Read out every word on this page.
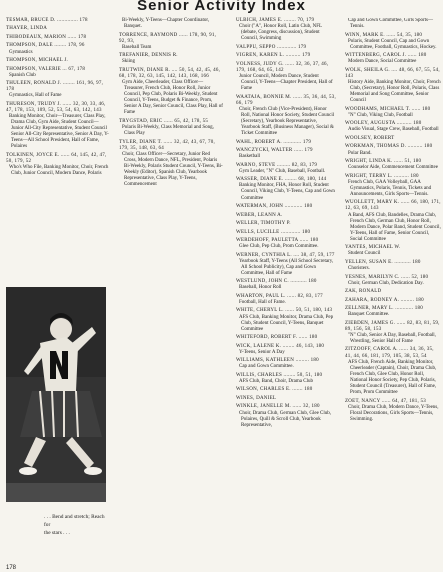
Senior Activity Index
TESMAR, BRUCE D. .............. 178
THAYER, LINDA
THIBODEAUX, MARION ...... 178
THOMPSON, DALE ........ 178, 96
Gymnastics
THOMPSON, MICHAEL J.
THOMPSON, VALERIE ... 67, 178
Spanish Club
THULEEN, RONALD J. ........ 161, 96, 97, 178
Gymnastics, Hall of Fame
THURESON, TRUDY J. ...... 32, 30, 33, 46, 47, 178, 153, 109, 52, 53, 54, 63, 142, 143
Banking Monitor, Choir—Treasurer, Class Play, Drama Club, Gym Aide, Student Council—Junior All-City Representative, Student Council Senior All-City Representative, Senior A Day, Y-Teens—All School President, Hall of Fame, Polaires
TOLKINEN, JOYCE E. ...... 64, 145, 42, 47, 50, 179, 52
Who's Who File, Banking Monitor, Choir, French Club, Junior Council, Modern Dance, Polaris
Bi-Weekly, Y-Teens—Chapter Coordinator, Banquet.
TORRENCE, RAYMOND ...... 178, 90, 91, 92, 93,
Baseball Team
TREFANIER, DENNIS R.
Skiing
TRUTWIN, DIANE R. .... 50, 54, 42, 45, 46, 68, 178, 32, 63, 145, 142, 143, 168, 166
Gym Aide, Cheerleader, Class Officer—Treasurer, French Club, Honor Roll, Junior Council, Pep Club, Polaris Bi-Weekly, Student Council, Y-Teens, Budget & Finance, Prom, Senior A Day, Senior Council, Class Play, Hall of Fame
TRYGSTAD, ERIC ...... 65, 42, 178, 55
Polaris Bi-Weekly, Class Memorial and Song, Class Play
TYLER, DIANE T. ...... 32, 42, 43, 67, 70, 179, 35, 148, 63, 64
Choir, Class Officer—Secretary, Junior Red Cross, Modern Dance, NFL, President, Polaris Bi-Weekly, Polaris Student Council, Y-Teens, Bi-Weekly (Editor), Spanish Club, Yearbook Representative, Class Play, Y-Teens, Commencement
ULBICH, JAMES E. ........ 70, 179
Choir ("A", Honor Roll, Latin Club, NFL (debate, Congress, discussion), Student Council, Swimming
VALPPU, SEPPO ............. 179
VIGREN, KAREN L. .......... 179
VOLNESS, JUDY G. ...... 32, 36, 37, 46, 179, 168, 64, 65, 142
Junior Council, Modern Dance, Student Council, Y-Teens—Chapter President, Hall of Fame
WAATAJA, BONNIE M. ...... 35, 36, 44, 53, 66, 179
Choir, French Club (Vice-President), Honor Roll, National Honor Society, Student Council (Secretary), Yearbook Representative, Yearbook Staff, (Business Manager), Social & Ticket Committee
WAHL, ROBERT A. ............ 179
WANCZYCKI, WALTER ...... 179
Basketball
WARNO, STEVE ......... 82, 83, 179
Gym Leader, "N" Club, Baseball, Football.
WASSER, DIANE E. ........ 68, 180, 144
Banking Monitor, FHA, Honor Roll, Student Council, Viking Club, Y-Teens, Cap and Gown Committee
WATERMAN, JOHN ............ 180
WEBER, LEANN A.
WELLER, TIMOTHY P.
WELLS, LUCILLE ............. 180
WERDEHOFF, PAULETTA ...... 180
Glee Club, Pep Club, Prom Committee.
WERNER, CYNTHIA L. .... 38, 47, 59, 177
Yearbook Staff, Y-Teens (All School Secretary, All School Publicity), Cap and Gown Committee, Hall of Fame
WESTLUND, JOHN C. ........... 180
Baseball, Honor Roll
WHARTON, PAUL L. ...... 82, 83, 177
Football, Hall of Fame.
WHITE, CHERYL L. ...... 50, 51, 180, 143
AFS Club, Banking Monitor, Drama Club, Pep Club, Student Council, Y-Teens, Banquet Committee
WHITEFORD, ROBERT F. ...... 180
WICK, LALENE K. ........ 46, 143, 180
Y-Teens, Senior A Day
WILLIAMS, KATHLEEN ......... 180
Cap and Gown Committee.
WILLIS, CHARLES ........ 50, 51, 180
AFS Club, Band, Choir, Drama Club
WILSON, CHARLES E. ....... 180
WINES, DANIEL
WINKLE, JANELLE M. ...... 32, 180
Choir, Drama Club, German Club, Glee Club, Polaires, Quill & Scroll Club, Yearbook Representative,
Cap and Gown Committee, Girls Sports—Tennis.
WINN, MARK E. ...... 54, 35, 180
Polaris, Student Council, Cap and Gown Committee, Football, Gymnastics, Hockey.
WITTENBERG, CAROL J. ...... 180
Modern Dance, Social Committee
WOLK, SHEILA G. .... 48, 66, 67, 55, 54, 143
History Aide, Banking Monitor, Choir, French Club, (Secretary), Honor Roll, Polaris, Class Memorial and Song Committee, Senior Council
WOODHAMS, MICHAEL T. ...... 180
"N" Club, Viking Club, Football
WOOLEY, AUGUSTA .......... 180
Audio Visual, Stage Crew, Baseball, Football
WOOLSEY, ROBERT
WORKMAN, THOMAS D. .......... 180
Polar Band.
WRIGHT, LINDA K. ...... 51, 180
Counselor Aide, Commencement Committee
WRIGHT, TERRY L. .......... 180
French Club, GAA Volleyball, GAA Gymnastics, Polaris, Tennis, Tickets and Announcements, Girls Sports—Tennis.
WUOLLETT, MARY K. ...... 66, 180, 171, 12, 63, 69, 143
A Band, AFS Club, Bandelles, Drama Club, French Club, German Club, Honor Roll, Modern Dance, Polar Band, Student Council, Y-Teens, Hall of Fame, Senior Council, Social Committee
YANTES, MICHAEL W.
Student Council
YELLEN, SUSAN E. ........... 180
Choristers.
YESNES, MARILYN C. ...... 52, 180
Choir, German Club, Dedication Day.
ZAK, RONALD
ZAHARA, RODNEY A. ......... 180
ZELLNER, MARY L. ............ 180
Banquet Committee.
ZIEBDEN, JAMES G. ...... 82, 83, 81, 59, 89, 156, 58, 153
"N" Club, Senior A Day, Baseball, Football, Wrestling, Senior Hall of Fame
ZITZOOFF, CAROL A. ...... 34, 36, 35, 41, 44, 66, 181, 179, 105, 38, 53, 54
AFS Club, French Aide, Banking Monitor, Cheerleader (Captain), Choir, Drama Club, French Club, Glee Club, Honor Roll, National Honor Society, Pep Club, Polaris, Student Council (Treasurer), Hall of Fame, Prom, Prom Committee
ZOET, NANCY ...... 64, 47, 181, 53
Choir, Drama Club, Modern Dance, Y-Teens, Floral Decorations, Girls Sports—Tennis, Swimming.
. . . Bend and stretch; Reach for
the stars . . .
178
